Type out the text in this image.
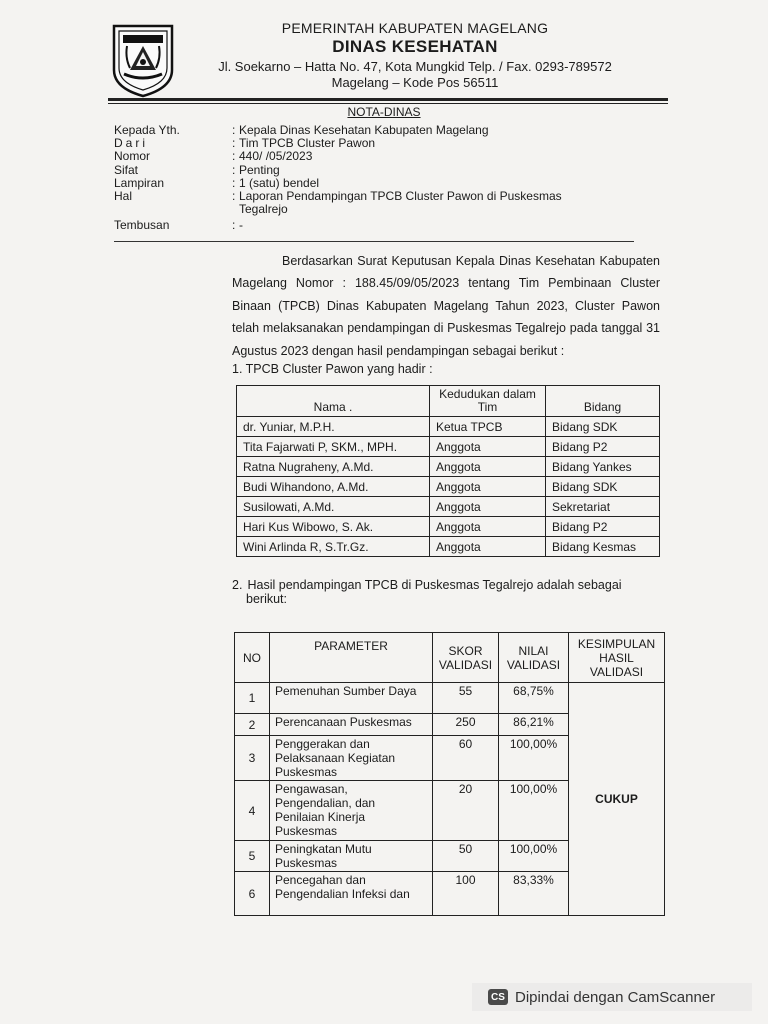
PEMERINTAH KABUPATEN MAGELANG
DINAS KESEHATAN
Jl. Soekarno – Hatta No. 47, Kota Mungkid Telp. / Fax. 0293-789572
Magelang – Kode Pos 56511
NOTA-DINAS
Kepada Yth.	: Kepala Dinas Kesehatan Kabupaten Magelang
Dari	: Tim TPCB Cluster Pawon
Nomor	: 440/ /05/2023
Sifat	: Penting
Lampiran	: 1 (satu) bendel
Hal	: Laporan Pendampingan TPCB Cluster Pawon di Puskesmas
Tegalrejo
Tembusan	: -
Berdasarkan Surat Keputusan Kepala Dinas Kesehatan Kabupaten Magelang Nomor : 188.45/09/05/2023 tentang Tim Pembinaan Cluster Binaan (TPCB) Dinas Kabupaten Magelang Tahun 2023, Cluster Pawon telah melaksanakan pendampingan di Puskesmas Tegalrejo pada tanggal 31 Agustus 2023 dengan hasil pendampingan sebagai berikut :
1. TPCB Cluster Pawon yang hadir :
Nama .	Kedudukan dalam Tim	Bidang
dr. Yuniar, M.P.H.	Ketua TPCB	Bidang SDK
Tita Fajarwati P, SKM., MPH.	Anggota	Bidang P2
Ratna Nugraheny, A.Md.	Anggota	Bidang Yankes
Budi Wihandono, A.Md.	Anggota	Bidang SDK
Susilowati, A.Md.	Anggota	Sekretariat
Hari Kus Wibowo, S. Ak.	Anggota	Bidang P2
Wini Arlinda R, S.Tr.Gz.	Anggota	Bidang Kesmas
2. Hasil pendampingan TPCB di Puskesmas Tegalrejo adalah sebagai
berikut:
NO	PARAMETER	SKOR VALIDASI	NILAI VALIDASI	KESIMPULAN HASIL VALIDASI
1	Pemenuhan Sumber Daya	55	68,75%	CUKUP
2	Perencanaan Puskesmas	250	86,21%	
3	Penggerakan dan Pelaksanaan Kegiatan Puskesmas	60	100,00%	
4	Pengawasan, Pengendalian, dan Penilaian Kinerja Puskesmas	20	100,00%	
5	Peningkatan Mutu Puskesmas	50	100,00%	
6	Pencegahan dan Pengendalian Infeksi dan	100	83,33%	
CS Dipindai dengan CamScanner
